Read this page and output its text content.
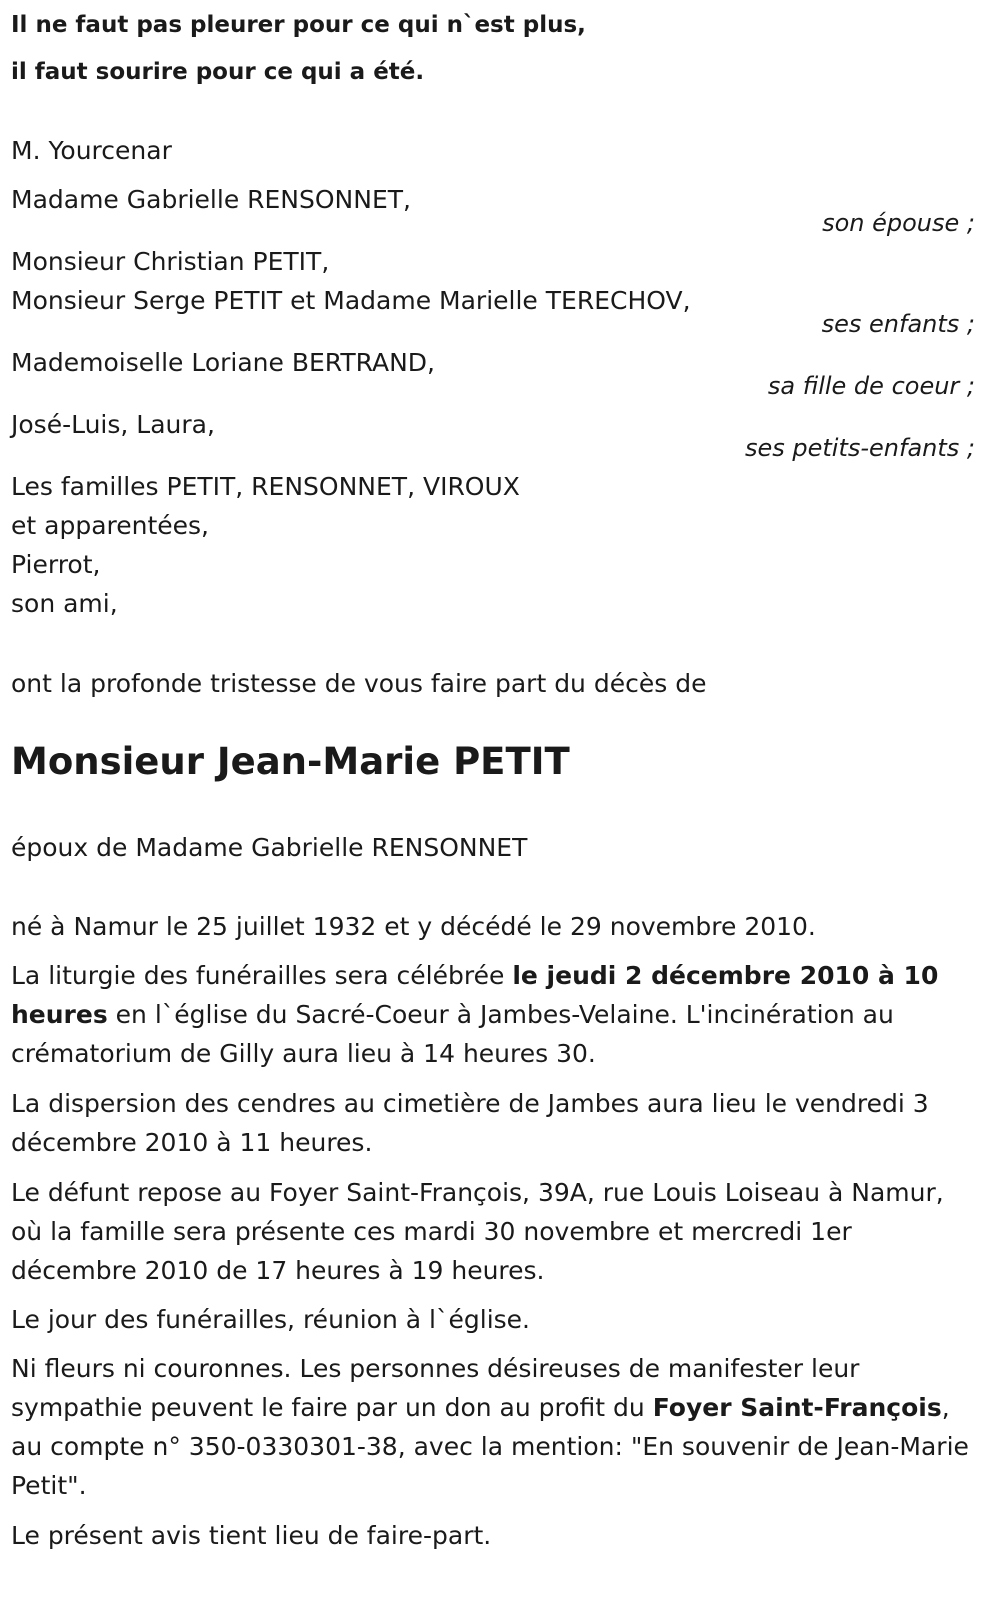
Il ne faut pas pleurer pour ce qui n`est plus,
il faut sourire pour ce qui a été.
M. Yourcenar
Madame Gabrielle RENSONNET,
son épouse ;
Monsieur Christian PETIT,
Monsieur Serge PETIT et Madame Marielle TERECHOV,
ses enfants ;
Mademoiselle Loriane BERTRAND,
sa fille de coeur ;
José-Luis, Laura,
ses petits-enfants ;
Les familles PETIT, RENSONNET, VIROUX
et apparentées,
Pierrot,
son ami,
ont la profonde tristesse de vous faire part du décès de
Monsieur Jean-Marie PETIT
époux de Madame Gabrielle RENSONNET
né à Namur le 25 juillet 1932 et y décédé le 29 novembre 2010.
La liturgie des funérailles sera célébrée le jeudi 2 décembre 2010 à 10 heures en l`église du Sacré-Coeur à Jambes-Velaine. L'incinération au crématorium de Gilly aura lieu à 14 heures 30.
La dispersion des cendres au cimetière de Jambes aura lieu le vendredi 3 décembre 2010 à 11 heures.
Le défunt repose au Foyer Saint-François, 39A, rue Louis Loiseau à Namur, où la famille sera présente ces mardi 30 novembre et mercredi 1er décembre 2010 de 17 heures à 19 heures.
Le jour des funérailles, réunion à l`église.
Ni fleurs ni couronnes. Les personnes désireuses de manifester leur sympathie peuvent le faire par un don au profit du Foyer Saint-François, au compte n° 350-0330301-38, avec la mention: "En souvenir de Jean-Marie Petit".
Le présent avis tient lieu de faire-part.
